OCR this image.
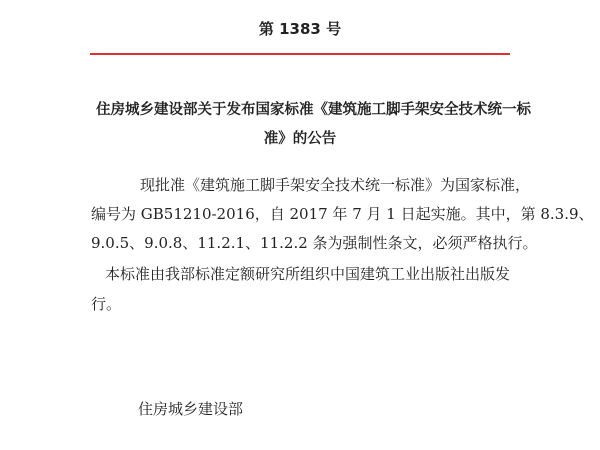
第 1383 号
住房城乡建设部关于发布国家标准《建筑施工脚手架安全技术统一标
准》的公告
现批准《建筑施工脚手架安全技术统一标准》为国家标准，
编号为 GB51210-2016，自 2017 年 7 月 1 日起实施。其中，第 8.3.9、
9.0.5、9.0.8、11.2.1、11.2.2 条为强制性条文，必须严格执行。
本标准由我部标准定额研究所组织中国建筑工业出版社出版发
行。
住房城乡建设部
